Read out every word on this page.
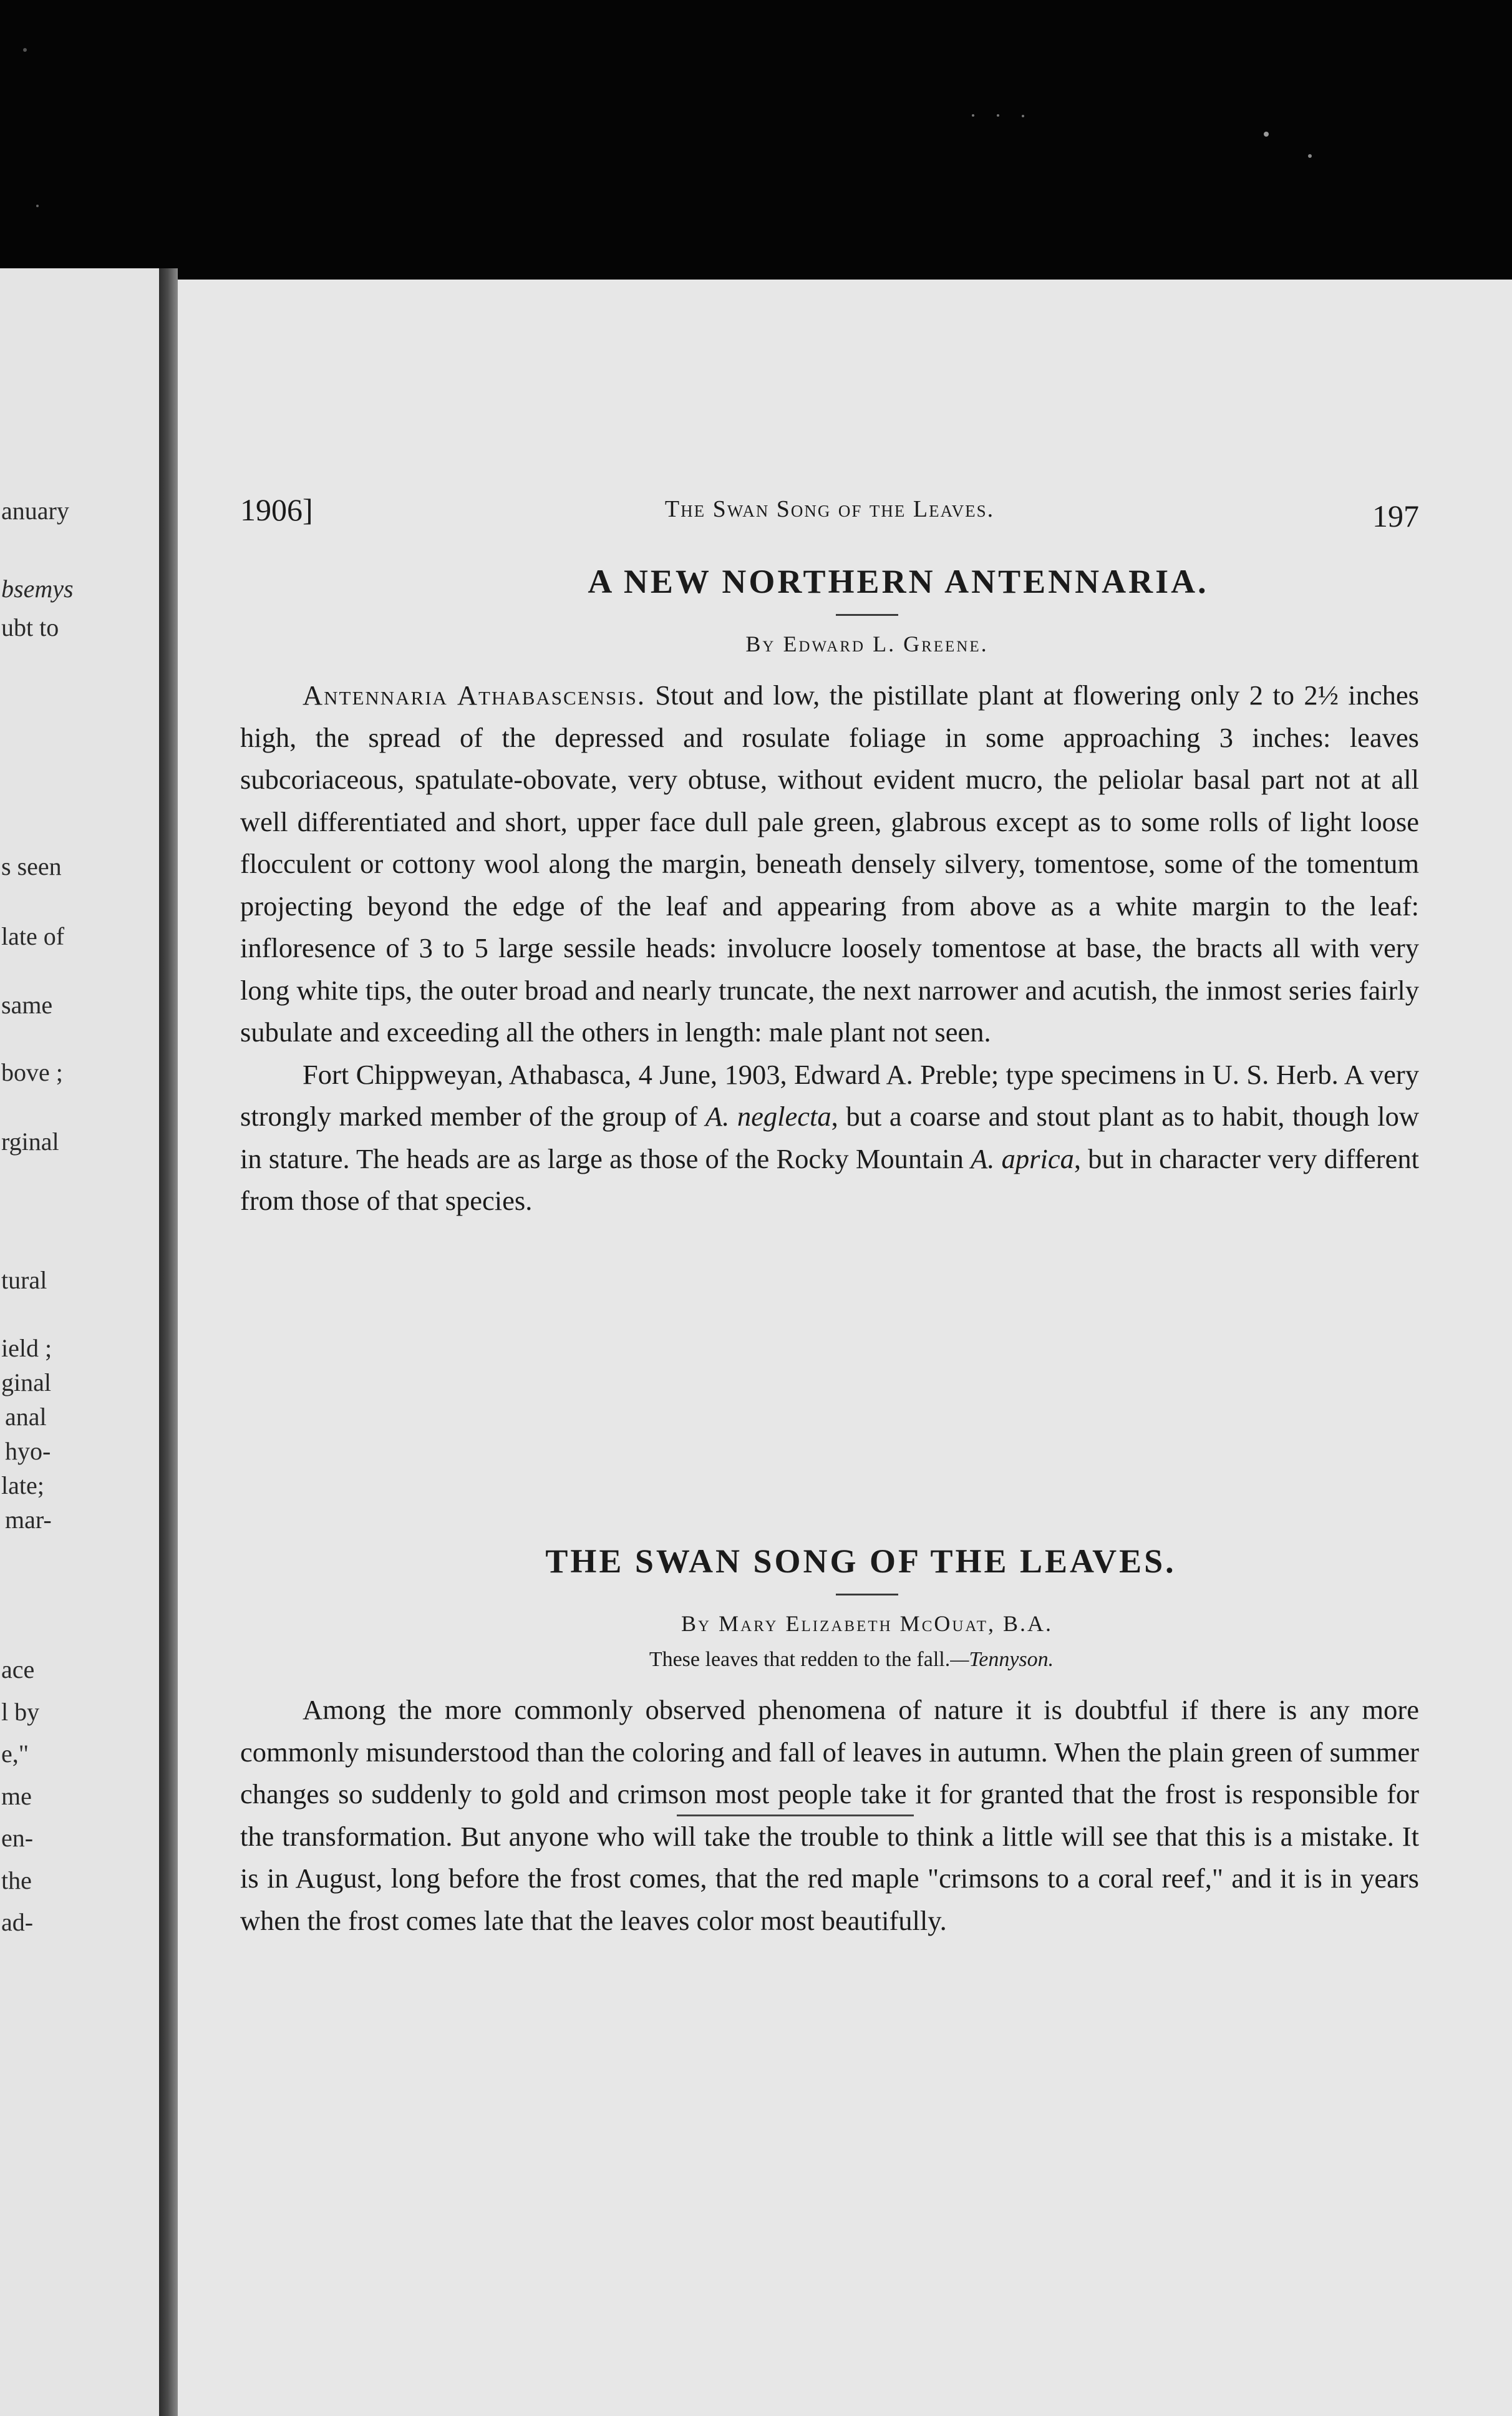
anuary
bsemys
ubt to
s seen
late of
same
bove ;
rginal
tural
ield ;
ginal
anal
hyo-
late;
mar-
ace
l by
e,"
me
en-
the
ad-
1906]	The Swan Song of the Leaves.	197
A NEW NORTHERN ANTENNARIA.

By Edward L. Greene.

Antennaria Athabascensis. Stout and low, the pistillate plant at flowering only 2 to 2½ inches high, the spread of the depressed and rosulate foliage in some approaching 3 inches: leaves subcoriaceous, spatulate-obovate, very obtuse, without evident mucro, the peliolar basal part not at all well differentiated and short, upper face dull pale green, glabrous except as to some rolls of light loose flocculent or cottony wool along the margin, beneath densely silvery, tomentose, some of the tomentum projecting beyond the edge of the leaf and appearing from above as a white margin to the leaf: infloresence of 3 to 5 large sessile heads: involucre loosely tomentose at base, the bracts all with very long white tips, the outer broad and nearly truncate, the next narrower and acutish, the inmost series fairly subulate and exceeding all the others in length: male plant not seen.

Fort Chippweyan, Athabasca, 4 June, 1903, Edward A. Preble; type specimens in U. S. Herb. A very strongly marked member of the group of A. neglecta, but a coarse and stout plant as to habit, though low in stature. The heads are as large as those of the Rocky Mountain A. aprica, but in character very different from those of that species.

THE SWAN SONG OF THE LEAVES.

By Mary Elizabeth McOuat, B.A.

These leaves that redden to the fall.—Tennyson.

Among the more commonly observed phenomena of nature it is doubtful if there is any more commonly misunderstood than the coloring and fall of leaves in autumn. When the plain green of summer changes so suddenly to gold and crimson most people take it for granted that the frost is responsible for the transformation. But anyone who will take the trouble to think a little will see that this is a mistake. It is in August, long before the frost comes, that the red maple "crimsons to a coral reef," and it is in years when the frost comes late that the leaves color most beautifully.
